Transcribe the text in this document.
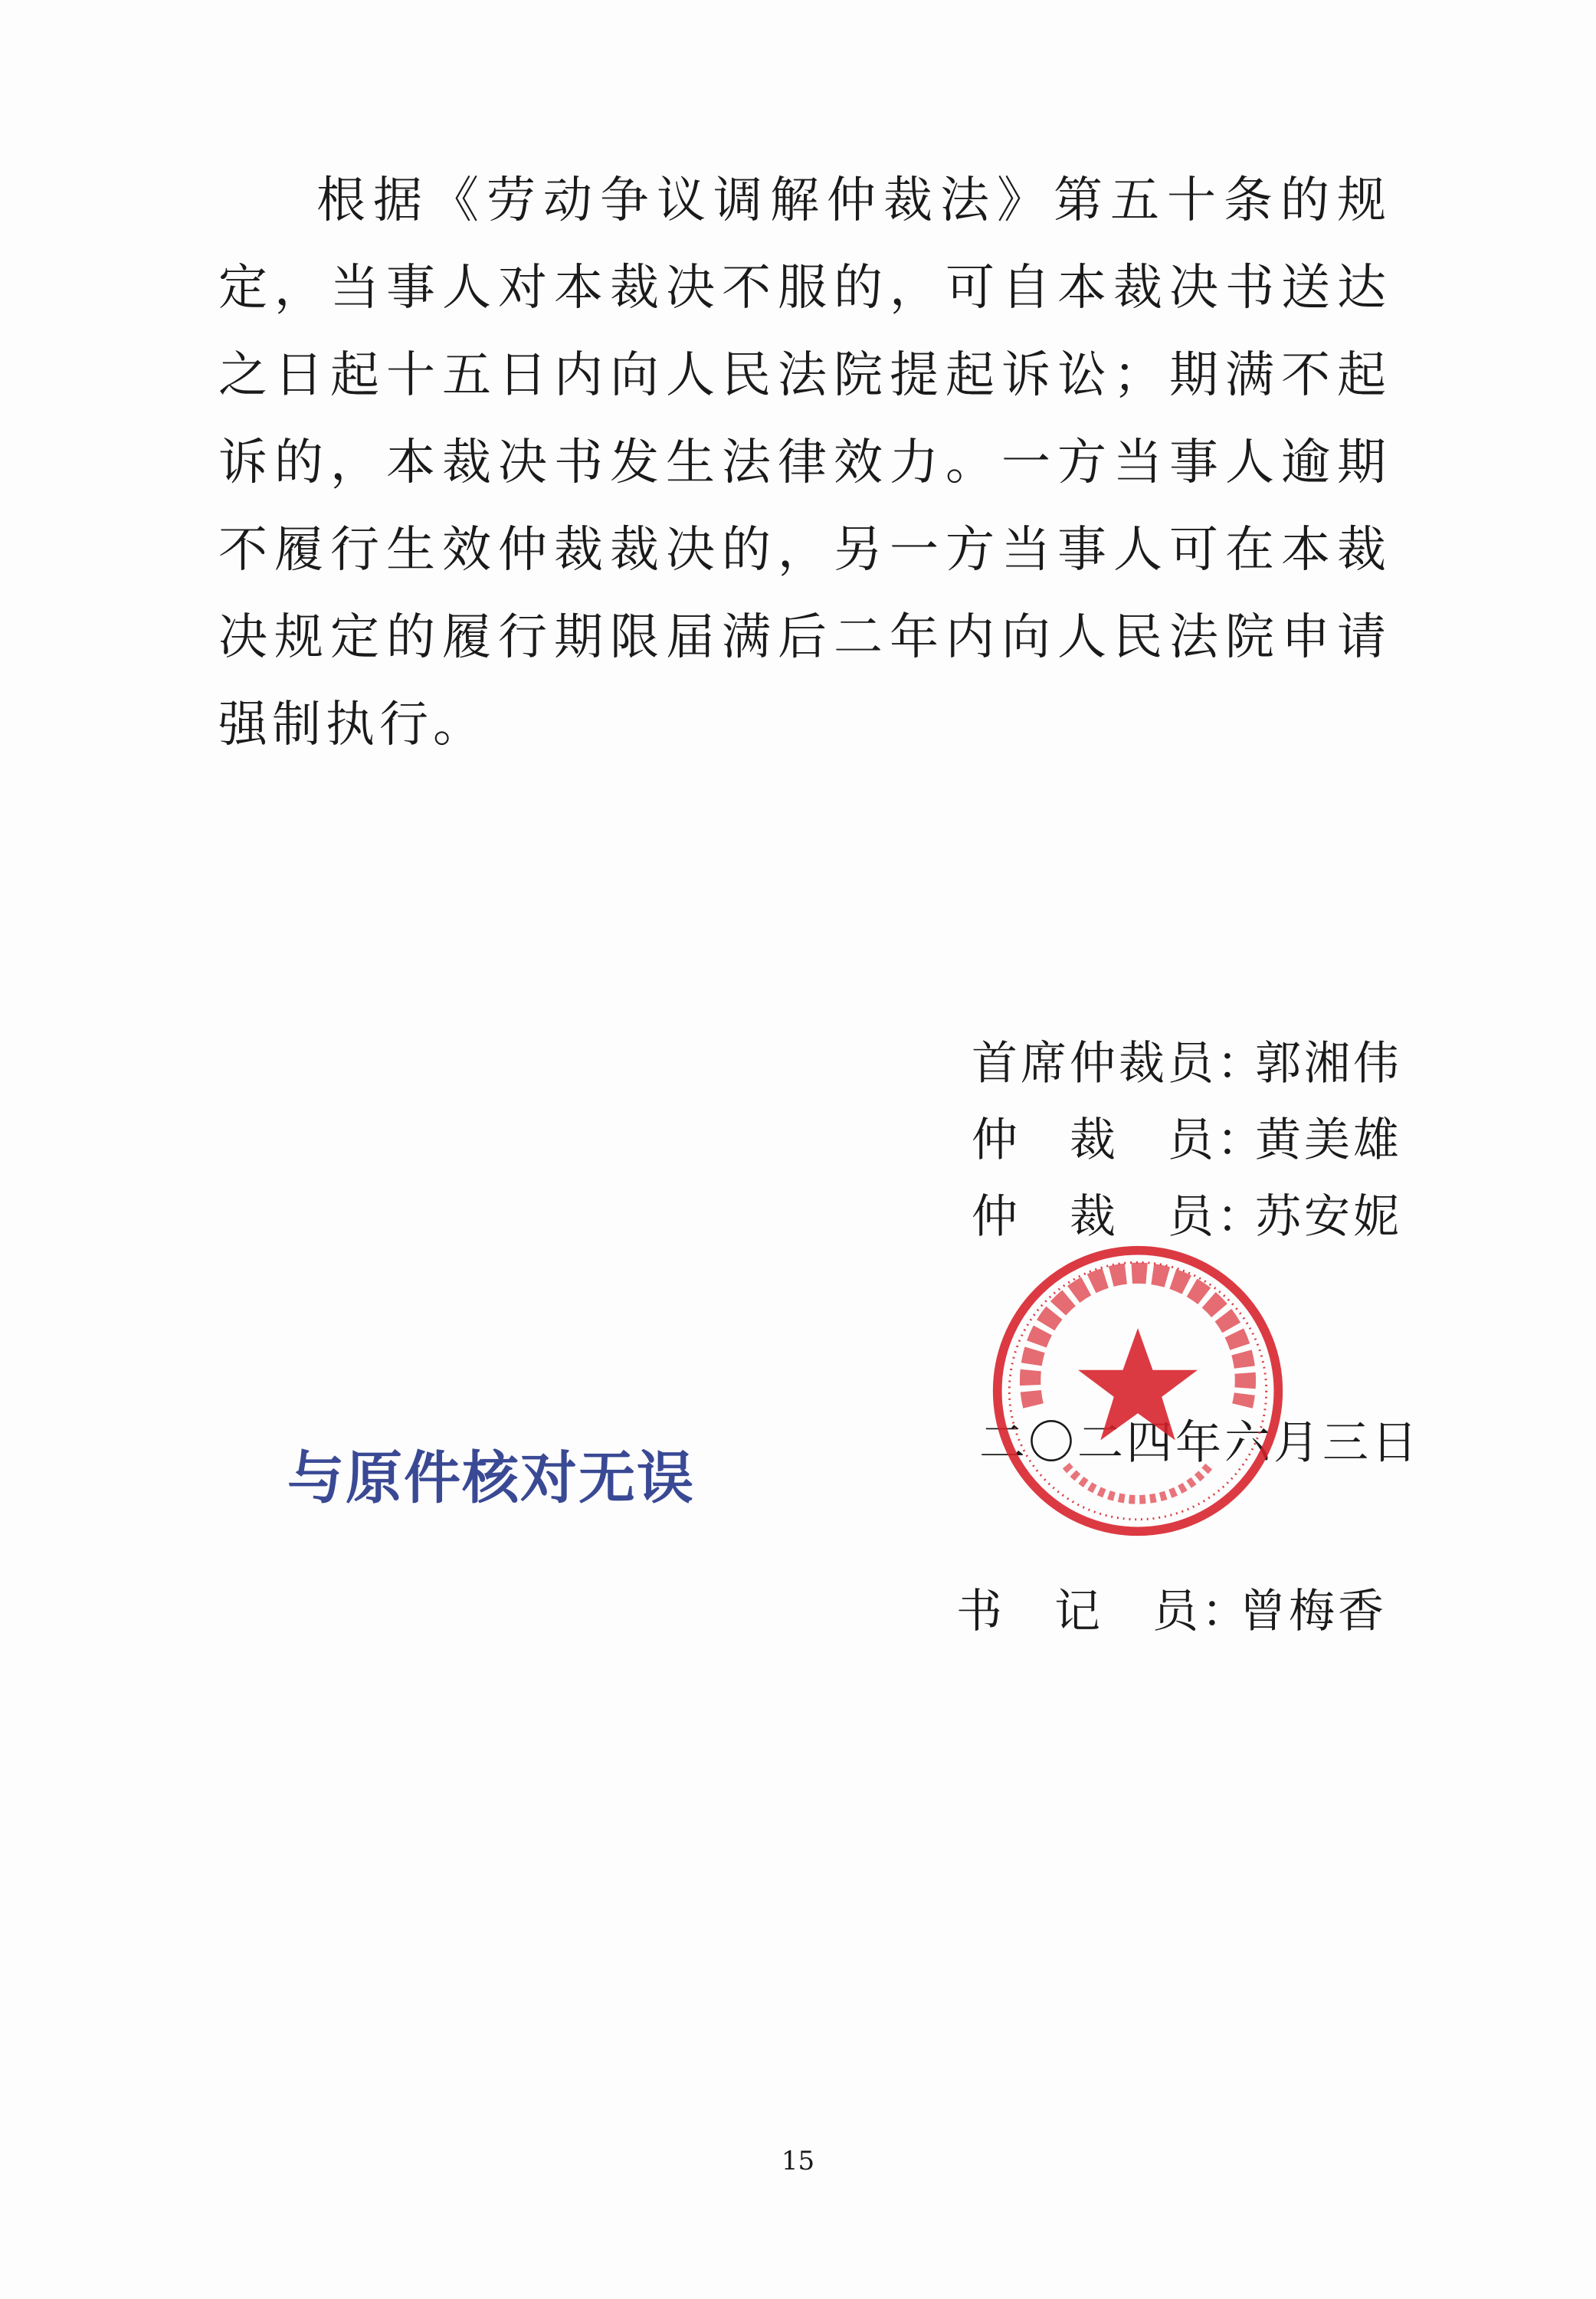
根据《劳动争议调解仲裁法》第五十条的规定，当事人对本裁决不服的，可自本裁决书送达之日起十五日内向人民法院提起诉讼；期满不起诉的，本裁决书发生法律效力。一方当事人逾期不履行生效仲裁裁决的，另一方当事人可在本裁决规定的履行期限届满后二年内向人民法院申请强制执行。

首席仲裁员：郭湘伟
仲裁员：黄美雄
仲裁员：苏安妮
书记员：曾梅香
二〇二四年六月三日
与原件核对无误
15
